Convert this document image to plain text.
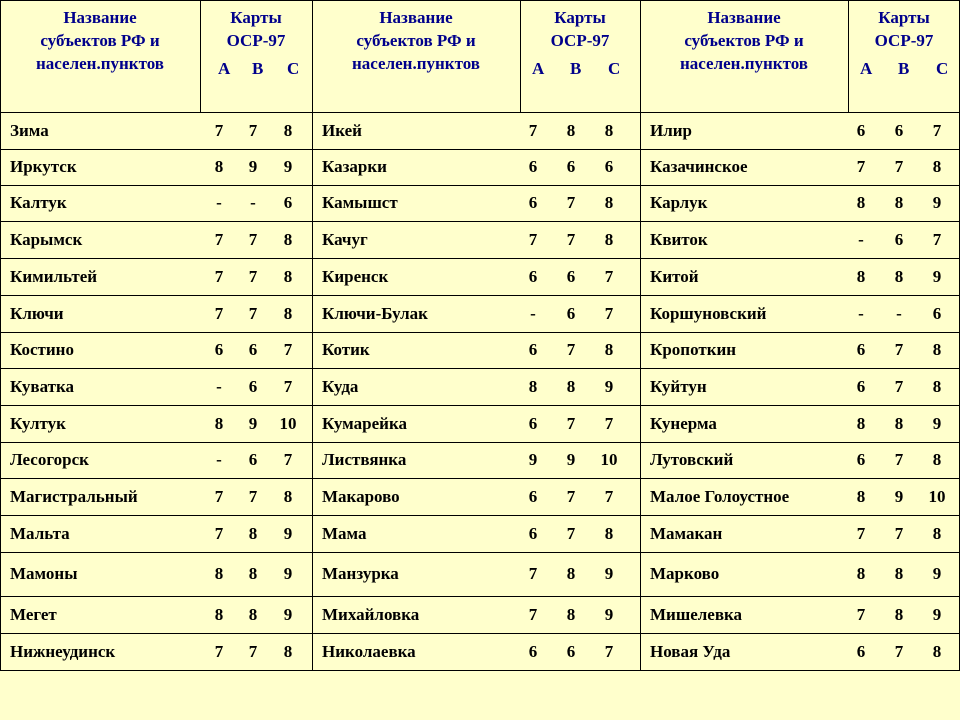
Название
субъектов РФ и
населен.пунктов
Карты
ОСР-97
А В С
Название
субъектов РФ и
населен.пунктов
Карты
ОСР-97
А В С
Название
субъектов РФ и
населен.пунктов
Карты
ОСР-97
А В С
Зима	7	7	8	Икей	7	8	8	Илир	6	6	7
Иркутск	8	9	9	Казарки	6	6	6	Казачинское	7	7	8
Калтук	-	-	6	Камышст	6	7	8	Карлук	8	8	9
Карымск	7	7	8	Качуг	7	7	8	Квиток	-	6	7
Кимильтей	7	7	8	Киренск	6	6	7	Китой	8	8	9
Ключи	7	7	8	Ключи-Булак	-	6	7	Коршуновский	-	-	6
Костино	6	6	7	Котик	6	7	8	Кропоткин	6	7	8
Куватка	-	6	7	Куда	8	8	9	Куйтун	6	7	8
Култук	8	9	10 Кумарейка	6	7	7	Кунерма	8	8	9
Лесогорск	-	6	7	Листвянка	9	9	10 Лутовский	6	7	8
Магистральный	7	7	8	Макарово	6	7	7	Малое Голоустное	8	9	10
Мальта	7	8	9	Мама	6	7	8	Мамакан	7	7	8
Мамоны	8	8	9	Манзурка	7	8	9	Марково	8	8	9
Мегет	8	8	9	Михайловка	7	8	9	Мишелевка	7	8	9
Нижнеудинск	7	7	8	Николаевка	6	6	7	Новая Уда	6	7	8
